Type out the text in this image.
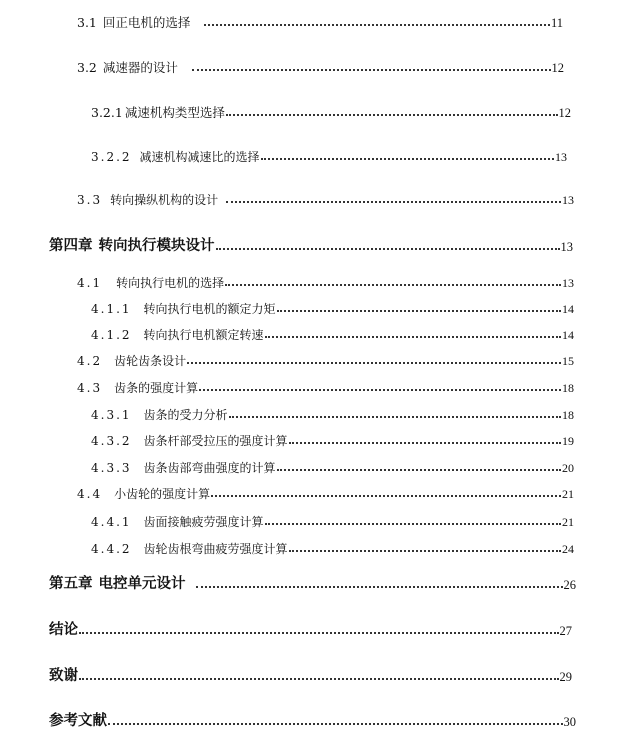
3.1 回正电机的选择	11
3.2 减速器的设计	12
3.2.1 减速机构类型选择	12
3.2.2 减速机构减速比的选择	13
3.3 转向操纵机构的设计	13
第四章 转向执行模块设计	13
4.1 转向执行电机的选择	13
4.1.1 转向执行电机的额定力矩	14
4.1.2 转向执行电机额定转速	14
4.2 齿轮齿条设计	15
4.3 齿条的强度计算	18
4.3.1 齿条的受力分析	18
4.3.2 齿条杆部受拉压的强度计算	19
4.3.3 齿条齿部弯曲强度的计算	20
4.4 小齿轮的强度计算	21
4.4.1 齿面接触疲劳强度计算	21
4.4.2 齿轮齿根弯曲疲劳强度计算	24
第五章 电控单元设计	26
结论	27
致谢	29
参考文献	30
